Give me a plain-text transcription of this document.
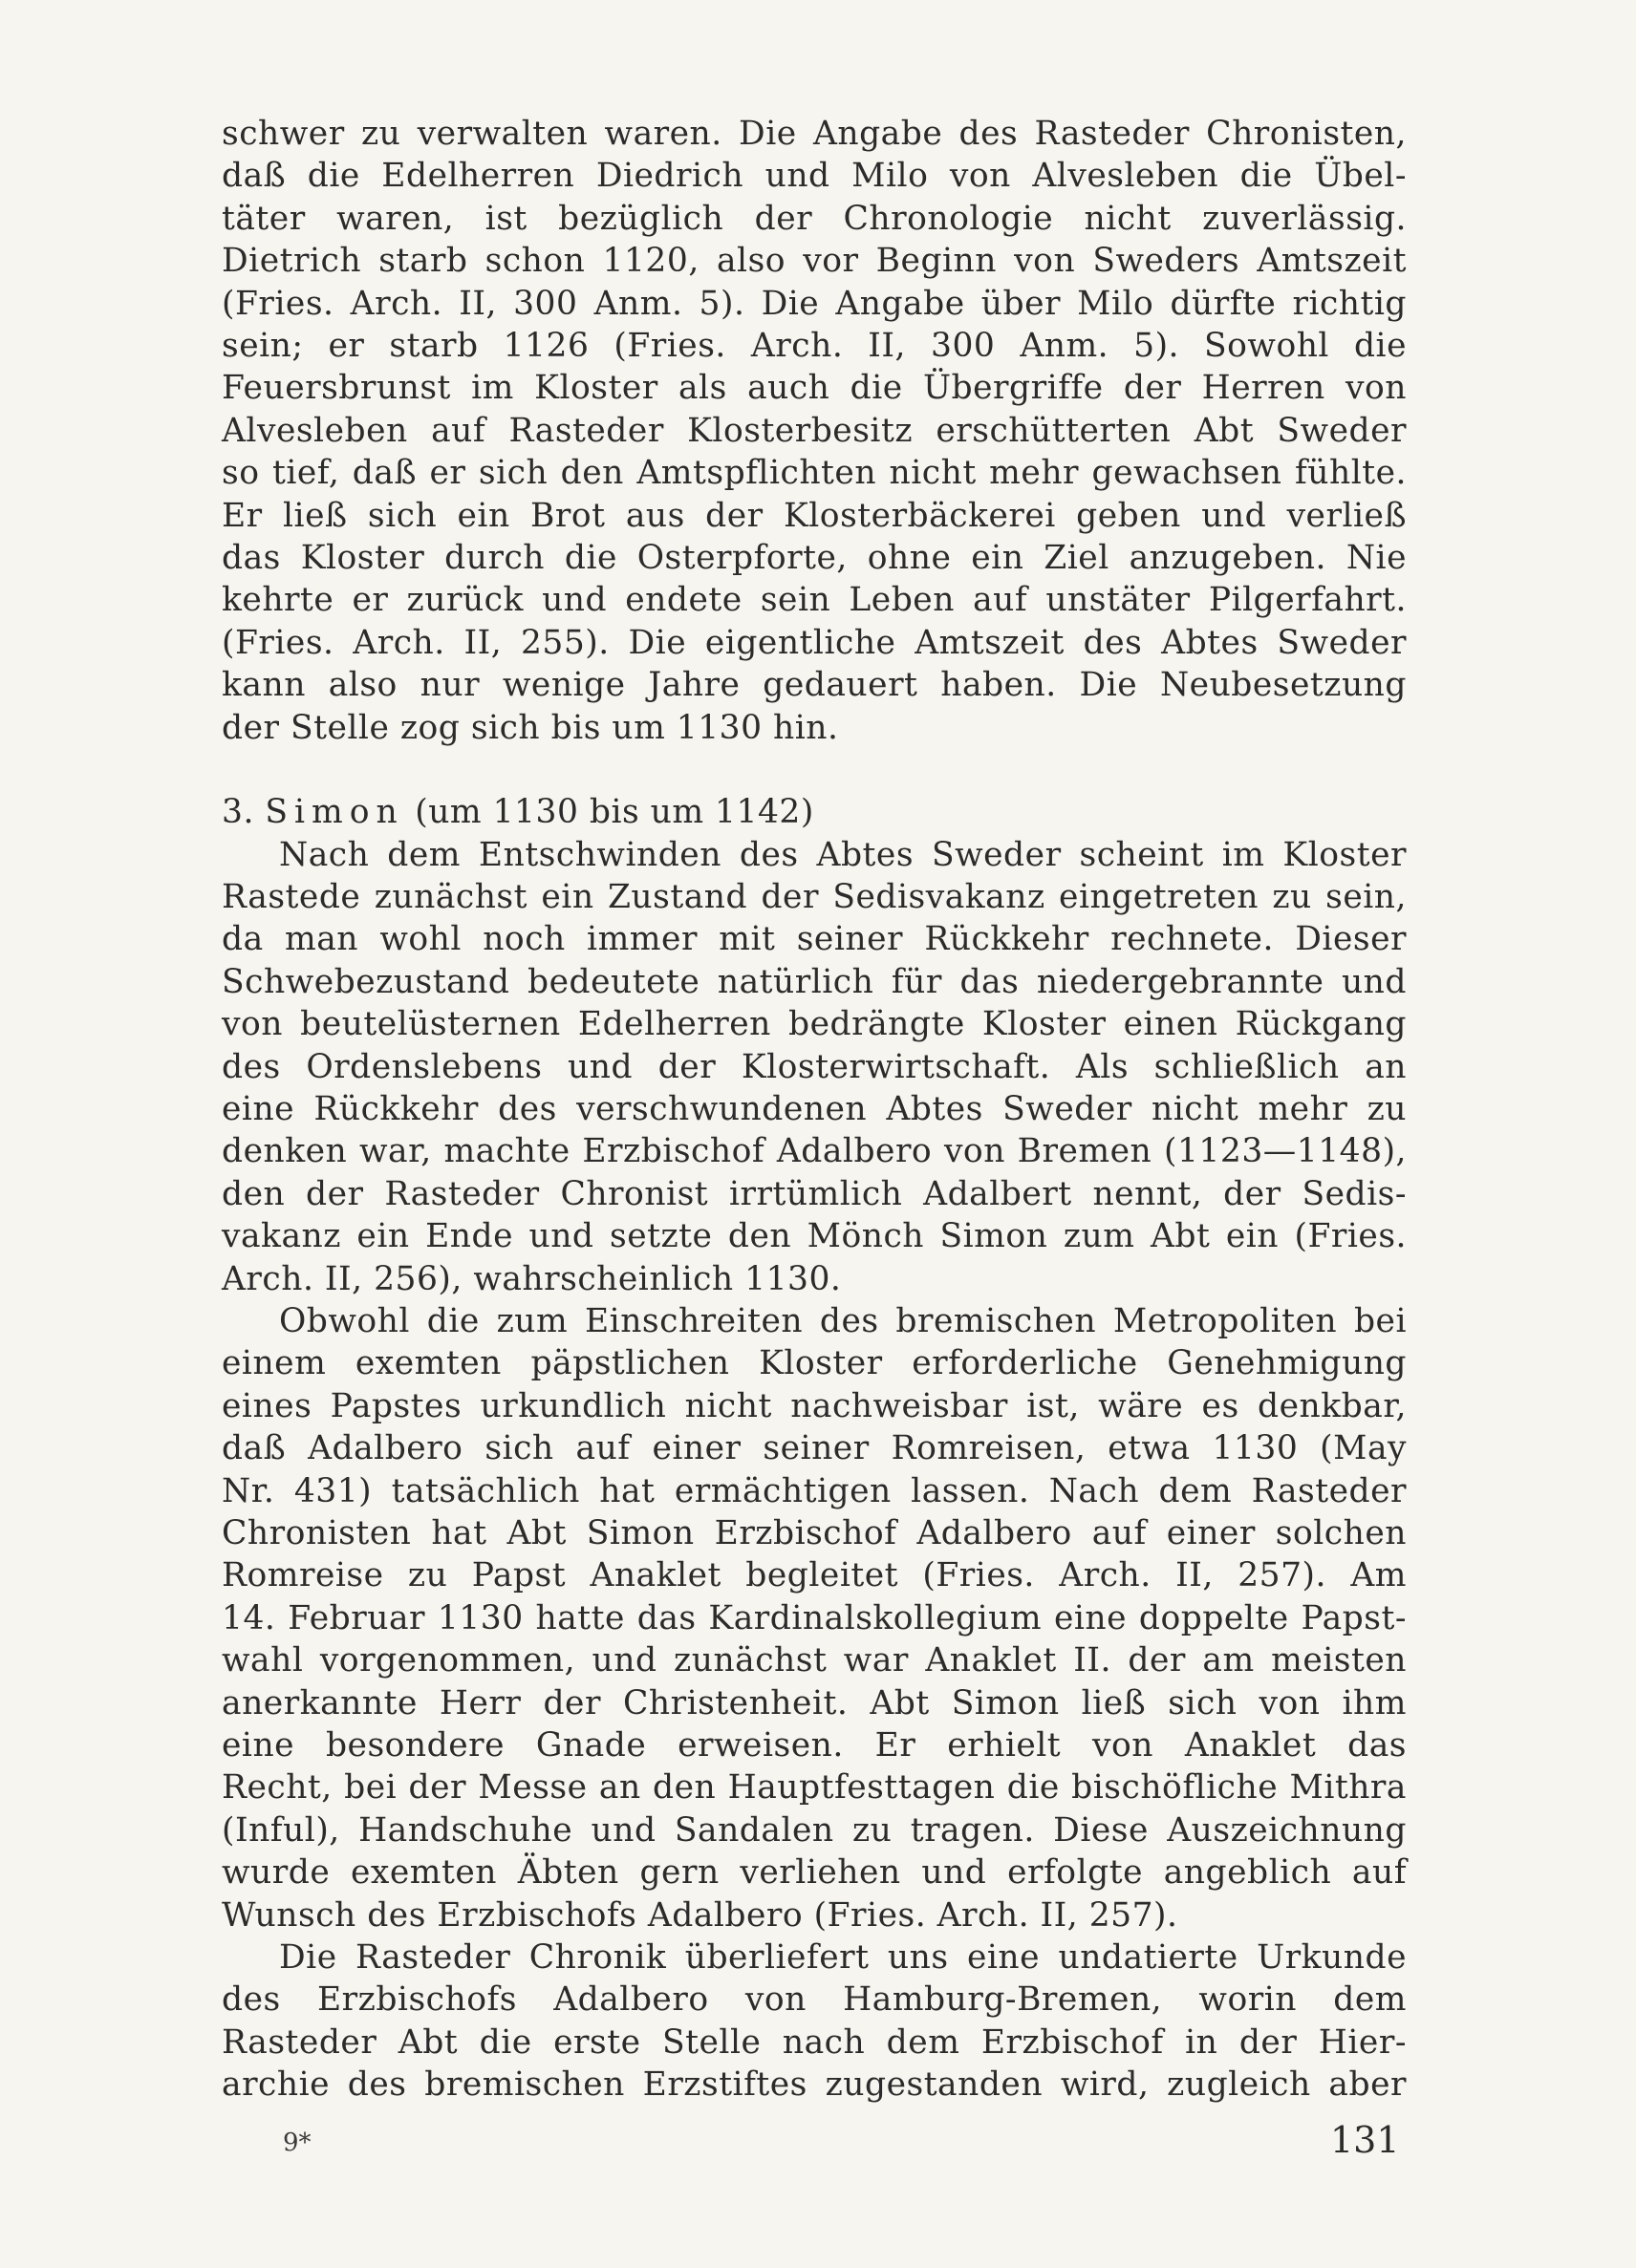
schwer zu verwalten waren. Die Angabe des Rasteder Chronisten,
daß die Edelherren Diedrich und Milo von Alvesleben die Übel-
täter waren, ist bezüglich der Chronologie nicht zuverlässig.
Dietrich starb schon 1120, also vor Beginn von Sweders Amtszeit
(Fries. Arch. II, 300 Anm. 5). Die Angabe über Milo dürfte richtig
sein; er starb 1126 (Fries. Arch. II, 300 Anm. 5). Sowohl die
Feuersbrunst im Kloster als auch die Übergriffe der Herren von
Alvesleben auf Rasteder Klosterbesitz erschütterten Abt Sweder
so tief, daß er sich den Amtspflichten nicht mehr gewachsen fühlte.
Er ließ sich ein Brot aus der Klosterbäckerei geben und verließ
das Kloster durch die Osterpforte, ohne ein Ziel anzugeben. Nie
kehrte er zurück und endete sein Leben auf unstäter Pilgerfahrt.
(Fries. Arch. II, 255). Die eigentliche Amtszeit des Abtes Sweder
kann also nur wenige Jahre gedauert haben. Die Neubesetzung
der Stelle zog sich bis um 1130 hin.
3. Simon (um 1130 bis um 1142)
Nach dem Entschwinden des Abtes Sweder scheint im Kloster
Rastede zunächst ein Zustand der Sedisvakanz eingetreten zu sein,
da man wohl noch immer mit seiner Rückkehr rechnete. Dieser
Schwebezustand bedeutete natürlich für das niedergebrannte und
von beutelüsternen Edelherren bedrängte Kloster einen Rückgang
des Ordenslebens und der Klosterwirtschaft. Als schließlich an
eine Rückkehr des verschwundenen Abtes Sweder nicht mehr zu
denken war, machte Erzbischof Adalbero von Bremen (1123—1148),
den der Rasteder Chronist irrtümlich Adalbert nennt, der Sedis-
vakanz ein Ende und setzte den Mönch Simon zum Abt ein (Fries.
Arch. II, 256), wahrscheinlich 1130.
Obwohl die zum Einschreiten des bremischen Metropoliten bei
einem exemten päpstlichen Kloster erforderliche Genehmigung
eines Papstes urkundlich nicht nachweisbar ist, wäre es denkbar,
daß Adalbero sich auf einer seiner Romreisen, etwa 1130 (May
Nr. 431) tatsächlich hat ermächtigen lassen. Nach dem Rasteder
Chronisten hat Abt Simon Erzbischof Adalbero auf einer solchen
Romreise zu Papst Anaklet begleitet (Fries. Arch. II, 257). Am
14. Februar 1130 hatte das Kardinalskollegium eine doppelte Papst-
wahl vorgenommen, und zunächst war Anaklet II. der am meisten
anerkannte Herr der Christenheit. Abt Simon ließ sich von ihm
eine besondere Gnade erweisen. Er erhielt von Anaklet das
Recht, bei der Messe an den Hauptfesttagen die bischöfliche Mithra
(Inful), Handschuhe und Sandalen zu tragen. Diese Auszeichnung
wurde exemten Äbten gern verliehen und erfolgte angeblich auf
Wunsch des Erzbischofs Adalbero (Fries. Arch. II, 257).
Die Rasteder Chronik überliefert uns eine undatierte Urkunde
des Erzbischofs Adalbero von Hamburg-Bremen, worin dem
Rasteder Abt die erste Stelle nach dem Erzbischof in der Hier-
archie des bremischen Erzstiftes zugestanden wird, zugleich aber
9*	131
